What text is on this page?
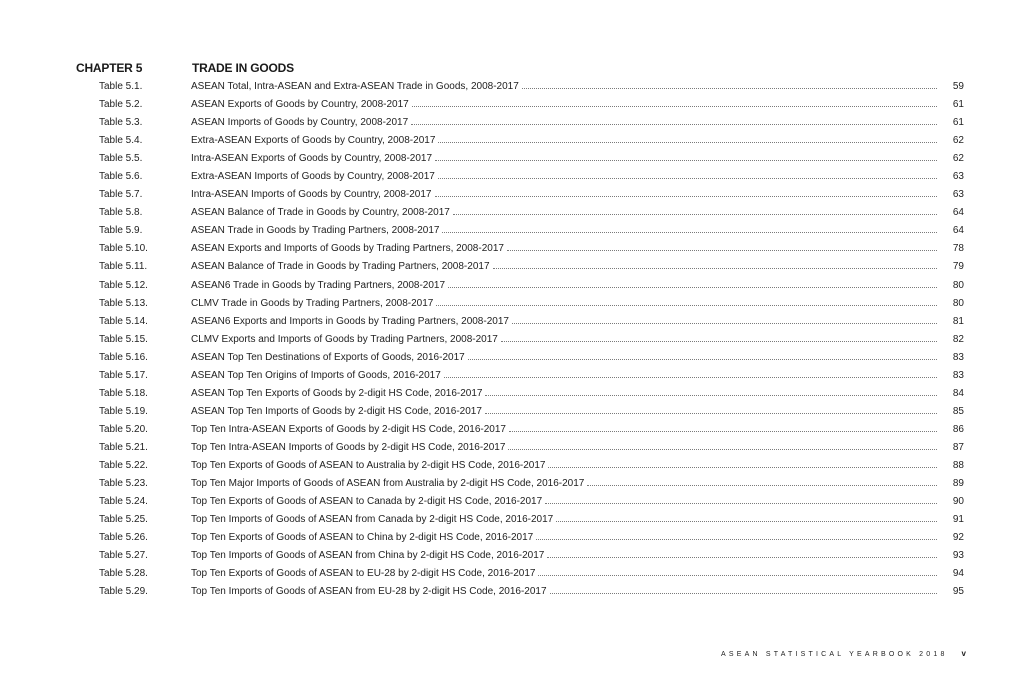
CHAPTER 5	TRADE IN GOODS
Table 5.1.	ASEAN Total, Intra-ASEAN and Extra-ASEAN Trade in Goods, 2008-2017	59
Table 5.2.	ASEAN Exports of Goods by Country, 2008-2017	61
Table 5.3.	ASEAN Imports of Goods by Country, 2008-2017	61
Table 5.4.	Extra-ASEAN Exports of Goods by Country, 2008-2017	62
Table 5.5.	Intra-ASEAN Exports of Goods by Country, 2008-2017	62
Table 5.6.	Extra-ASEAN Imports of Goods by Country, 2008-2017	63
Table 5.7.	Intra-ASEAN Imports of Goods by Country, 2008-2017	63
Table 5.8.	ASEAN Balance of Trade in Goods by Country, 2008-2017	64
Table 5.9.	ASEAN Trade in Goods by Trading Partners, 2008-2017	64
Table 5.10.	ASEAN Exports and Imports of Goods by Trading Partners, 2008-2017	78
Table 5.11.	ASEAN Balance of Trade in Goods by Trading Partners, 2008-2017	79
Table 5.12.	ASEAN6 Trade in Goods by Trading Partners, 2008-2017	80
Table 5.13.	CLMV Trade in Goods by Trading Partners, 2008-2017	80
Table 5.14.	ASEAN6 Exports and Imports in Goods by Trading Partners, 2008-2017	81
Table 5.15.	CLMV Exports and Imports of Goods by Trading Partners, 2008-2017	82
Table 5.16.	ASEAN Top Ten Destinations of Exports of Goods, 2016-2017	83
Table 5.17.	ASEAN Top Ten Origins of Imports of Goods, 2016-2017	83
Table 5.18.	ASEAN Top Ten Exports of Goods by 2-digit HS Code, 2016-2017	84
Table 5.19.	ASEAN Top Ten Imports of Goods by 2-digit HS Code, 2016-2017	85
Table 5.20.	Top Ten Intra-ASEAN Exports of Goods by 2-digit HS Code, 2016-2017	86
Table 5.21.	Top Ten Intra-ASEAN Imports of Goods by 2-digit HS Code, 2016-2017	87
Table 5.22.	Top Ten Exports of Goods of ASEAN to Australia by 2-digit HS Code, 2016-2017	88
Table 5.23.	Top Ten Major Imports of Goods of ASEAN from Australia by 2-digit HS Code, 2016-2017	89
Table 5.24.	Top Ten Exports of Goods of ASEAN to Canada by 2-digit HS Code, 2016-2017	90
Table 5.25.	Top Ten Imports of Goods of ASEAN from Canada by 2-digit HS Code, 2016-2017	91
Table 5.26.	Top Ten Exports of Goods of ASEAN to China by 2-digit HS Code, 2016-2017	92
Table 5.27.	Top Ten Imports of Goods of ASEAN from China by 2-digit HS Code, 2016-2017	93
Table 5.28.	Top Ten Exports of Goods of ASEAN to EU-28 by 2-digit HS Code, 2016-2017	94
Table 5.29.	Top Ten Imports of Goods of ASEAN from EU-28 by 2-digit HS Code, 2016-2017	95
ASEAN STATISTICAL YEARBOOK 2018 v
